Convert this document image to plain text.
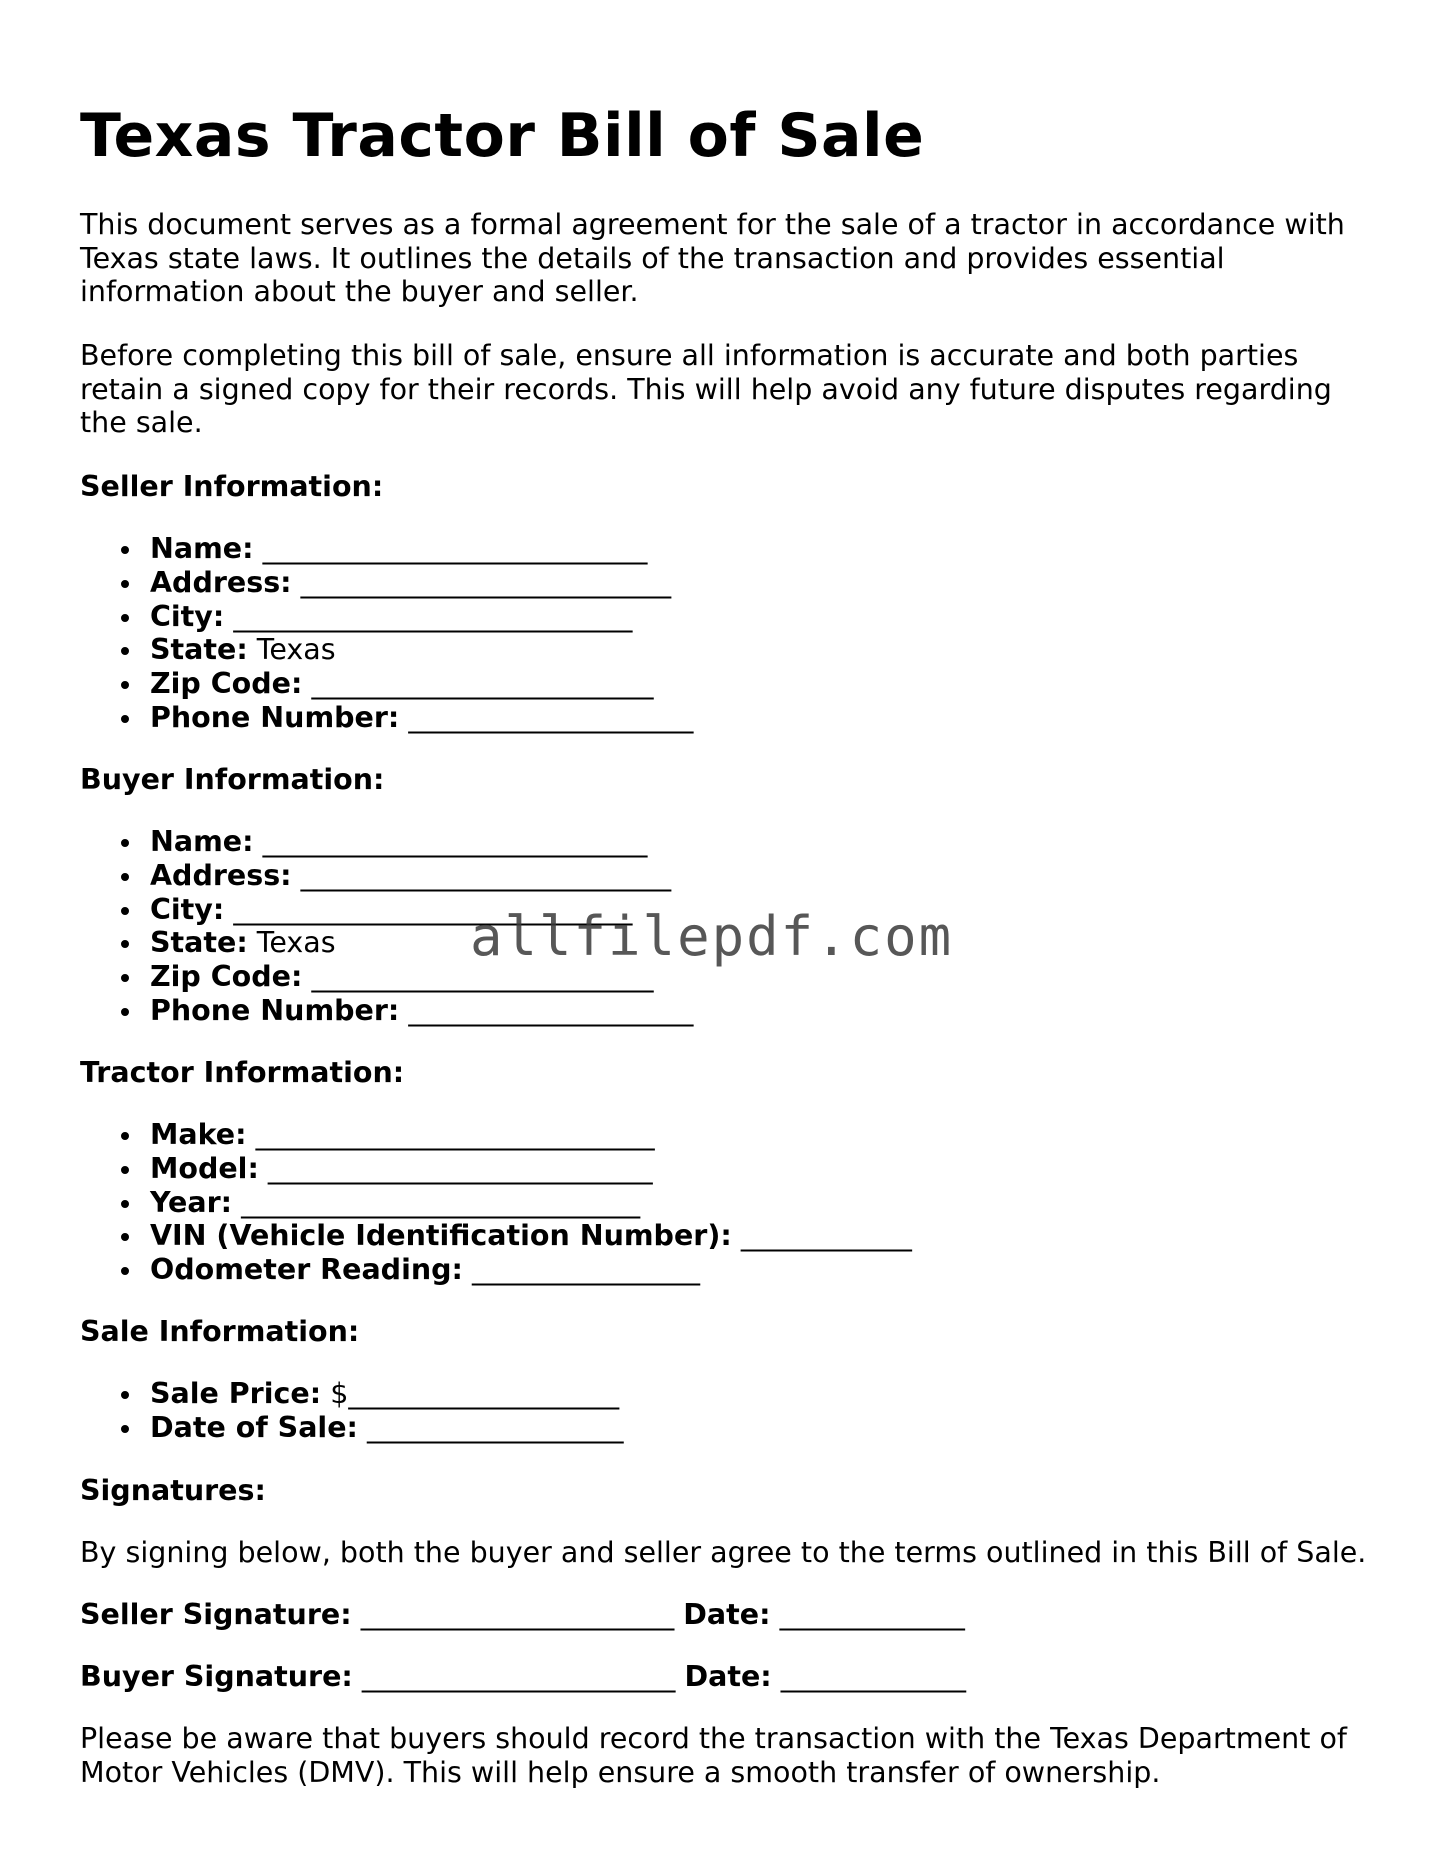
Texas Tractor Bill of Sale

This document serves as a formal agreement for the sale of a tractor in accordance with Texas state laws. It outlines the details of the transaction and provides essential information about the buyer and seller.

Before completing this bill of sale, ensure all information is accurate and both parties retain a signed copy for their records. This will help avoid any future disputes regarding the sale.

Seller Information:

Name: ___________________________
Address: __________________________
City: ____________________________
State: Texas
Zip Code: ________________________
Phone Number: ____________________

Buyer Information:

Name: ___________________________
Address: __________________________
City: ____________________________
State: Texas
Zip Code: ________________________
Phone Number: ____________________

Tractor Information:

Make: ____________________________
Model: ___________________________
Year: ____________________________
VIN (Vehicle Identification Number): ____________
Odometer Reading: ________________

Sale Information:

Sale Price: $___________________
Date of Sale: __________________

Signatures:

By signing below, both the buyer and seller agree to the terms outlined in this Bill of Sale.

Seller Signature: ______________________ Date: _____________

Buyer Signature: ______________________ Date: _____________

Please be aware that buyers should record the transaction with the Texas Department of Motor Vehicles (DMV). This will help ensure a smooth transfer of ownership.

allfilepdf.com
